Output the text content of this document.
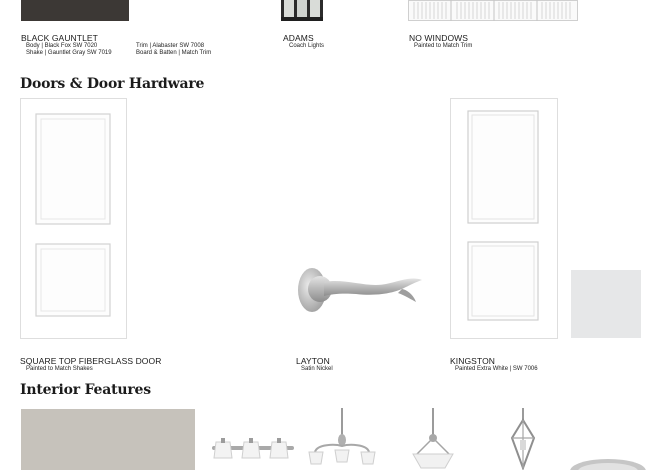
BLACK GAUNTLET
Body | Black Fox SW 7020	Trim | Alabaster SW 7008
Shake | Gauntlet Gray SW 7019	Board & Batten | Match Trim
ADAMS
Coach Lights
NO WINDOWS
Painted to Match Trim
Doors & Door Hardware
SQUARE TOP FIBERGLASS DOOR
Painted to Match Shakes
LAYTON
Satin Nickel
KINGSTON
Painted Extra White | SW 7006
Interior Features
